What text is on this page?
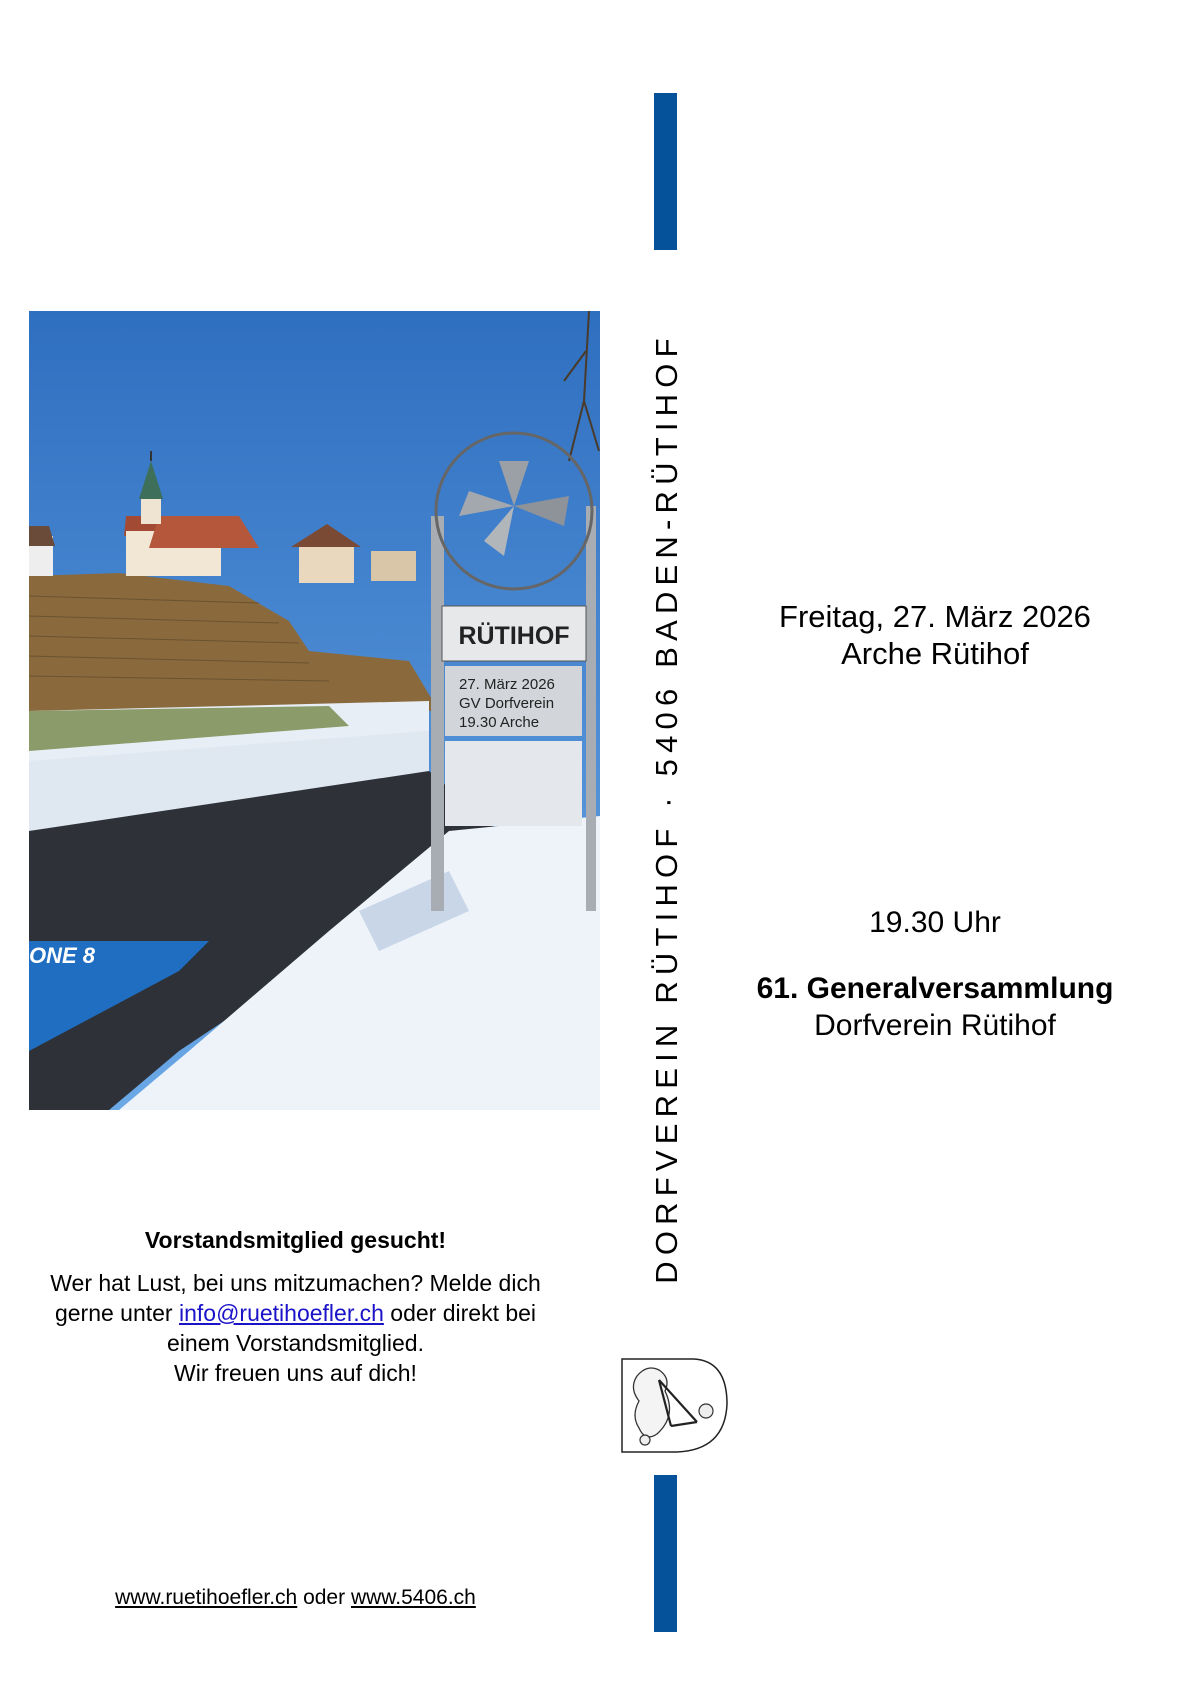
ONE 8
RÜTIHOF
27. März 2026
GV Dorfverein
19.30 Arche
Vorstandsmitglied gesucht!

Wer hat Lust, bei uns mitzumachen? Melde dich gerne unter info@ruetihoefler.ch oder direkt bei einem Vorstandsmitglied.
Wir freuen uns auf dich!

www.ruetihoefler.ch oder www.5406.ch
DORFVEREIN RÜTIHOF · 5406 BADEN-RÜTIHOF	Freitag, 27. März 2026
Arche Rütihof
19.30 Uhr
61. Generalversammlung
Dorfverein Rütihof
